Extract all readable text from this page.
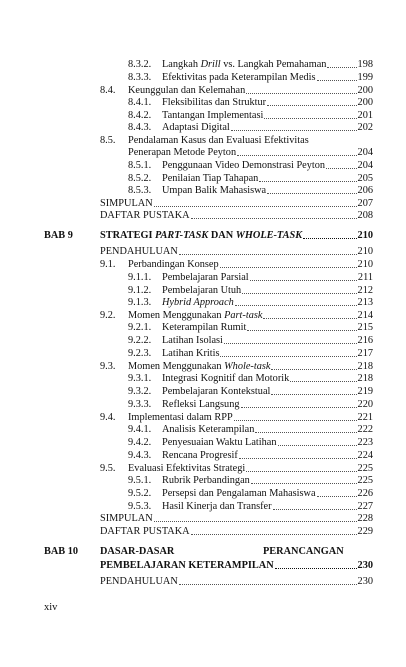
8.3.2. Langkah Drill vs. Langkah Pemahaman	198
8.3.3. Efektivitas pada Keterampilan Medis	199
8.4. Keunggulan dan Kelemahan	200
8.4.1. Fleksibilitas dan Struktur	200
8.4.2. Tantangan Implementasi	201
8.4.3. Adaptasi Digital	202
8.5. Pendalaman Kasus dan Evaluasi Efektivitas
Penerapan Metode Peyton	204
8.5.1. Penggunaan Video Demonstrasi Peyton	204
8.5.2. Penilaian Tiap Tahapan	205
8.5.3. Umpan Balik Mahasiswa	206
SIMPULAN	207
DAFTAR PUSTAKA	208
BAB 9	STRATEGI PART-TASK DAN WHOLE-TASK	210
PENDAHULUAN	210
9.1. Perbandingan Konsep	210
9.1.1. Pembelajaran Parsial	211
9.1.2. Pembelajaran Utuh	212
9.1.3. Hybrid Approach	213
9.2. Momen Menggunakan Part-task	214
9.2.1. Keterampilan Rumit	215
9.2.2. Latihan Isolasi	216
9.2.3. Latihan Kritis	217
9.3. Momen Menggunakan Whole-task	218
9.3.1. Integrasi Kognitif dan Motorik	218
9.3.2. Pembelajaran Kontekstual	219
9.3.3. Refleksi Langsung	220
9.4. Implementasi dalam RPP	221
9.4.1. Analisis Keterampilan	222
9.4.2. Penyesuaian Waktu Latihan	223
9.4.3. Rencana Progresif	224
9.5. Evaluasi Efektivitas Strategi	225
9.5.1. Rubrik Perbandingan	225
9.5.2. Persepsi dan Pengalaman Mahasiswa	226
9.5.3. Hasil Kinerja dan Transfer	227
SIMPULAN	228
DAFTAR PUSTAKA	229
BAB 10 DASAR-DASAR	PERANCANGAN
PEMBELAJARAN KETERAMPILAN	230
PENDAHULUAN	230
xiv
